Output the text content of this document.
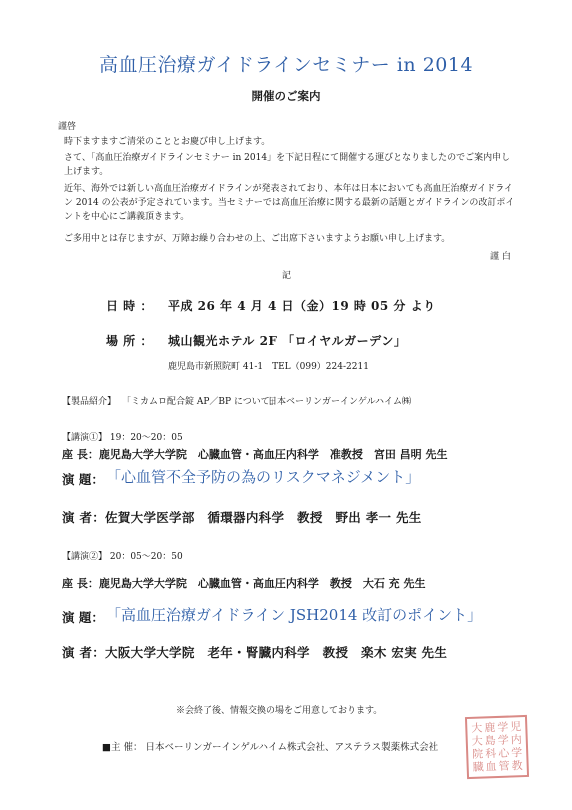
高血圧治療ガイドラインセミナー in 2014
開催のご案内
謹啓
時下ますますご清栄のこととお慶び申し上げます。
さて、「高血圧治療ガイドラインセミナー in 2014」を下記日程にて開催する運びとなりましたのでご案内申し上げます。
近年、海外では新しい高血圧治療ガイドラインが発表されており、本年は日本においても高血圧治療ガイドライン 2014 の公表が予定されています。当セミナーでは高血圧治療に関する最新の話題とガイドラインの改訂ポイントを中心にご講義頂きます。
ご多用中とは存じますが、万障お繰り合わせの上、ご出席下さいますようお願い申し上げます。
謹 白
記
日 時 ： 平成 26 年 4 月 4 日（金）19 時 05 分 より
場 所 ： 城山観光ホテル 2F 「ロイヤルガーデン」
鹿児島市新照院町 41-1　TEL（099）224-2211
【製品紹介】 「ミカムロ配合錠 AP／BP について」
日本ベーリンガーインゲルハイム㈱
【講演①】 19：20～20：05
座 長：鹿児島大学大学院　心臓血管・高血圧内科学　准教授　宮田 昌明 先生
演 題： 「心血管不全予防の為のリスクマネジメント」
演 者：佐賀大学医学部　循環器内科学　教授　野出 孝一 先生
【講演②】 20：05～20：50
座 長：鹿児島大学大学院　心臓血管・高血圧内科学　教授　大石 充 先生
演 題： 「高血圧治療ガイドライン JSH2014 改訂のポイント」
演 者：大阪大学大学院　老年・腎臓内科学　教授　楽木 宏実 先生
※会終了後、情報交換の場をご用意しております。
■主 催： 日本ベーリンガーインゲルハイム株式会社、アステラス製薬株式会社
大 鹿 学 児
大 島 学 内
院 科 心 学
臓 血 管 教
